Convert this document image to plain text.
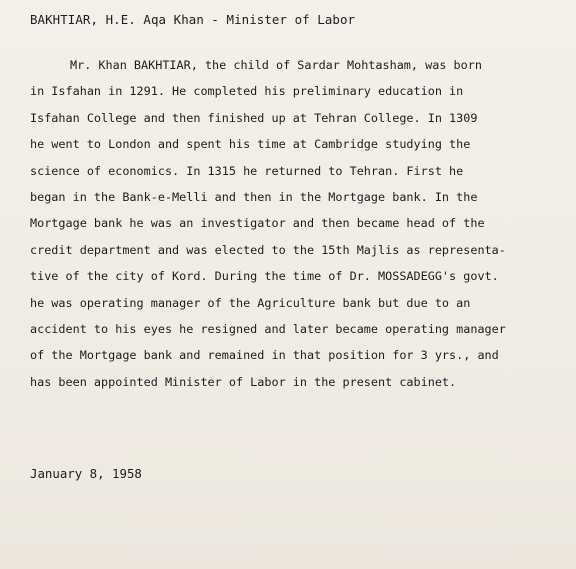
BAKHTIAR, H.E. Aqa Khan - Minister of Labor
Mr. Khan BAKHTIAR, the child of Sardar Mohtasham, was born
in Isfahan in 1291. He completed his preliminary education in
Isfahan College and then finished up at Tehran College. In 1309
he went to London and spent his time at Cambridge studying the
science of economics. In 1315 he returned to Tehran. First he
began in the Bank-e-Melli and then in the Mortgage bank. In the
Mortgage bank he was an investigator and then became head of the
credit department and was elected to the 15th Majlis as representa-
tive of the city of Kord. During the time of Dr. MOSSADEGG's govt.
he was operating manager of the Agriculture bank but due to an
accident to his eyes he resigned and later became operating manager
of the Mortgage bank and remained in that position for 3 yrs., and
has been appointed Minister of Labor in the present cabinet.
January 8, 1958
